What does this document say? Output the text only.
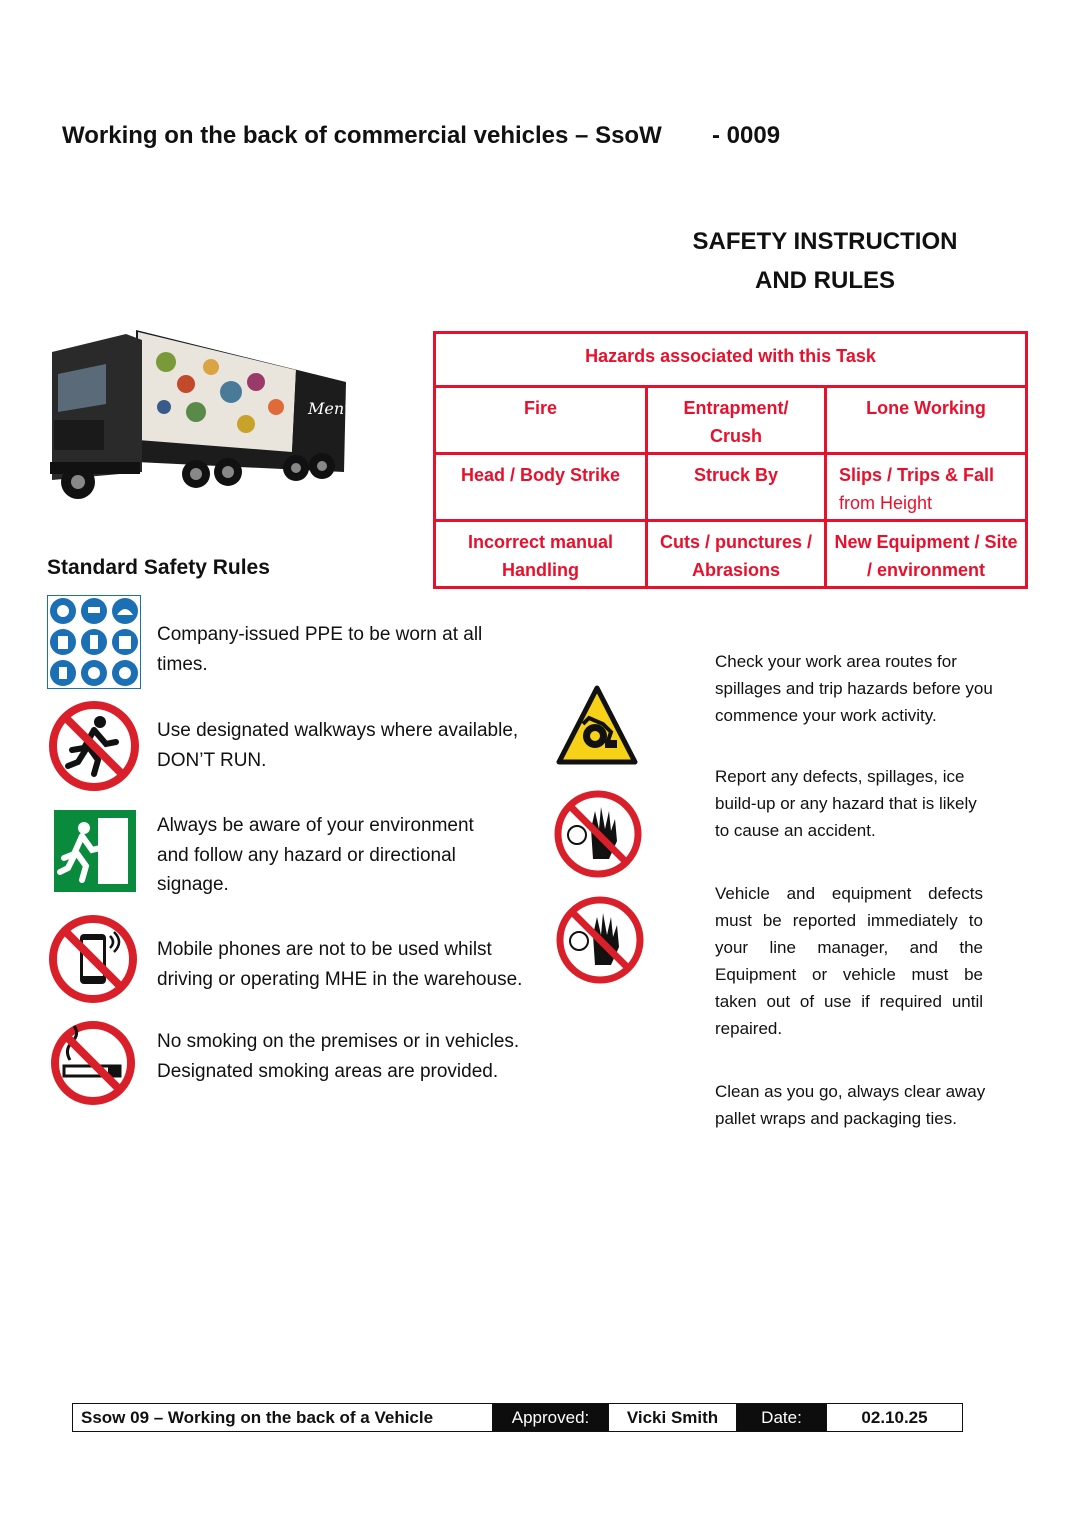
Working on the back of commercial vehicles – SsoW - 0009
SAFETY INSTRUCTION
AND RULES
Menu
Hazards associated with this Task		
Fire	Entrapment/ Crush	Lone Working
Head / Body Strike	Struck By	Slips / Trips & Fall
from Height

Incorrect manual Handling	Cuts / punctures / Abrasions	New Equipment / Site / environment
Standard Safety Rules
Company-issued PPE to be worn at all times.
Use designated walkways where available, DON’T RUN.
Always be aware of your environment and follow any hazard or directional signage.
Mobile phones are not to be used whilst driving or operating MHE in the warehouse.
No smoking on the premises or in vehicles. Designated smoking areas are provided.
Check your work area routes for spillages and trip hazards before you commence your work activity.
Report any defects, spillages, ice build-up or any hazard that is likely to cause an accident.
Vehicle and equipment defects must be reported immediately to your line manager, and the Equipment or vehicle must be taken out of use if required until repaired.
Clean as you go, always clear away pallet wraps and packaging ties.
Ssow 09 – Working on the back of a Vehicle	Approved:	Vicki Smith	Date:	02.10.25
